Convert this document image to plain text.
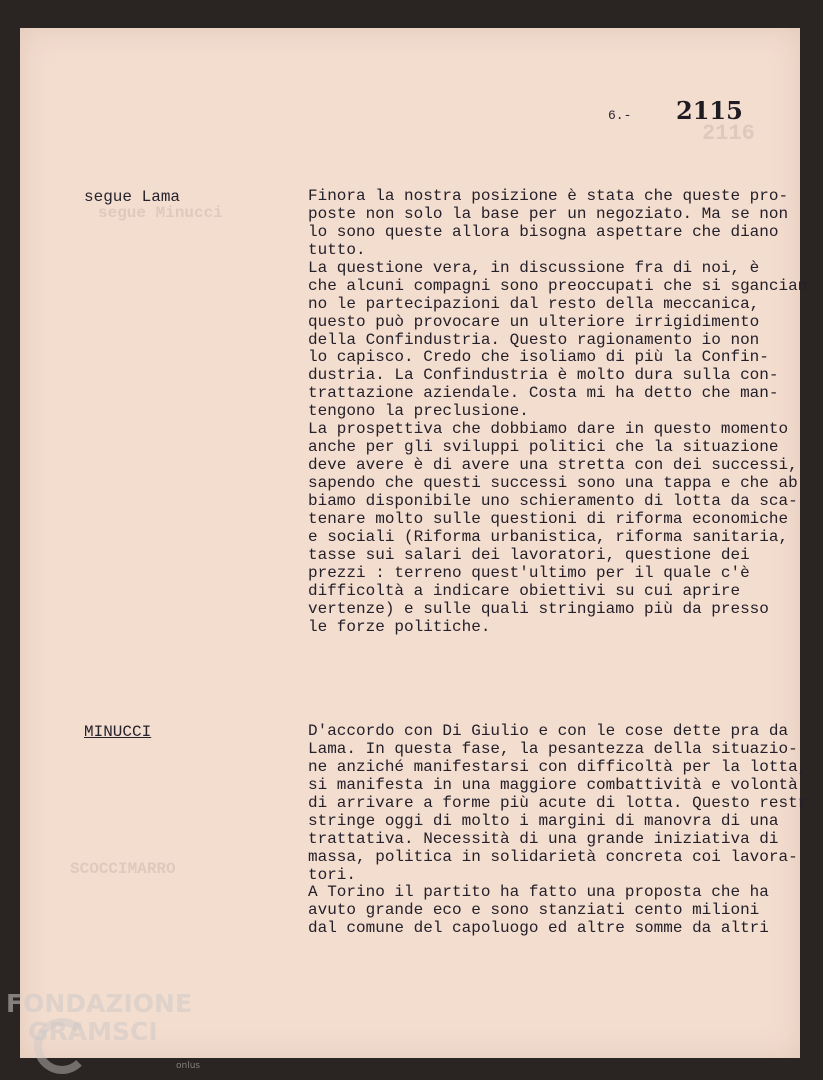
2116
segue Minucci
SCOCCIMARRO
6.- 2115
segue Lama	Finora la nostra posizione è stata che queste pro-
poste non solo la base per un negoziato. Ma se non
lo sono queste allora bisogna aspettare che diano
tutto.
La questione vera, in discussione fra di noi, è
che alcuni compagni sono preoccupati che si sgancian
no le partecipazioni dal resto della meccanica,
questo può provocare un ulteriore irrigidimento
della Confindustria. Questo ragionamento io non
lo capisco. Credo che isoliamo di più la Confin-
dustria. La Confindustria è molto dura sulla con-
trattazione aziendale. Costa mi ha detto che man-
tengono la preclusione.
La prospettiva che dobbiamo dare in questo momento
anche per gli sviluppi politici che la situazione
deve avere è di avere una stretta con dei successi,
sapendo che questi successi sono una tappa e che ab
biamo disponibile uno schieramento di lotta da sca-
tenare molto sulle questioni di riforma economiche
e sociali (Riforma urbanistica, riforma sanitaria,
tasse sui salari dei lavoratori, questione dei
prezzi : terreno quest'ultimo per il quale c'è
difficoltà a indicare obiettivi su cui aprire
vertenze) e sulle quali stringiamo più da presso
le forze politiche.
MINUCCI	D'accordo con Di Giulio e con le cose dette pra da
Lama. In questa fase, la pesantezza della situazio-
ne anziché manifestarsi con difficoltà per la lotta,
si manifesta in una maggiore combattività e volontà
di arrivare a forme più acute di lotta. Questo restr
stringe oggi di molto i margini di manovra di una
trattativa. Necessità di una grande iniziativa di
massa, politica in solidarietà concreta coi lavora-
tori.
A Torino il partito ha fatto una proposta che ha
avuto grande eco e sono stanziati cento milioni
dal comune del capoluogo ed altre somme da altri
FONDAZIONE
GRAMSCI
onlus
